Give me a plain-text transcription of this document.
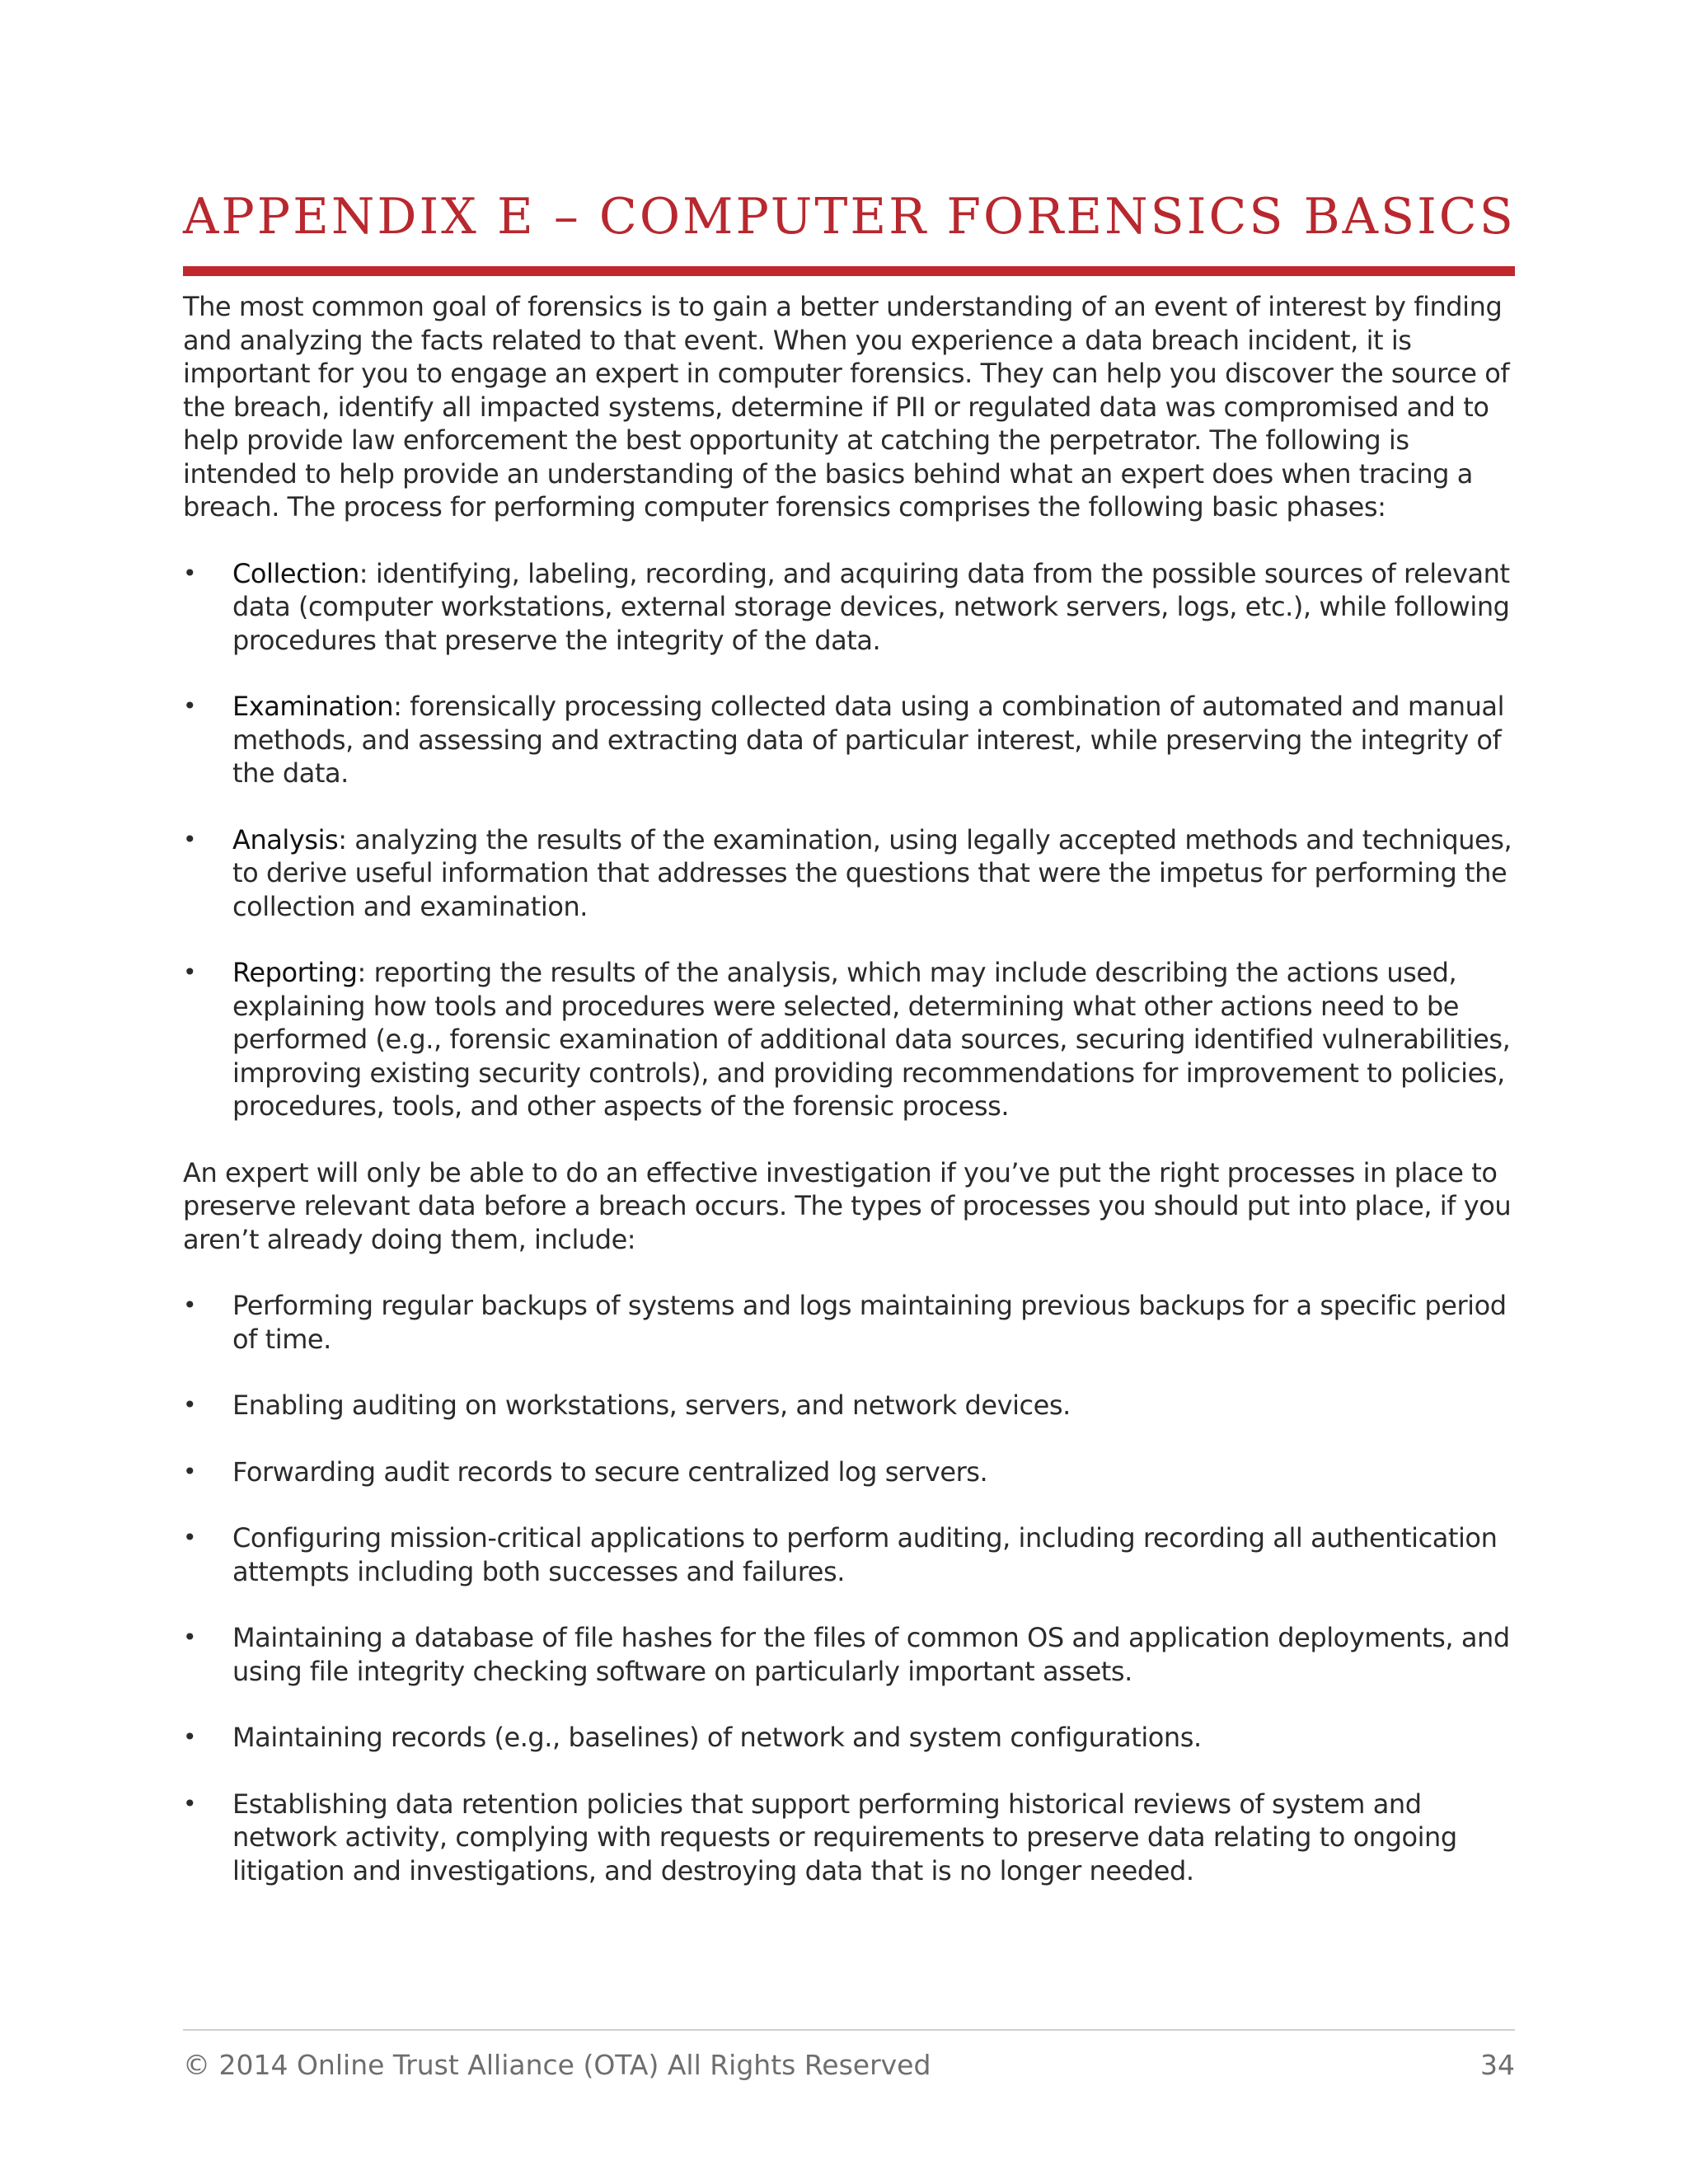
APPENDIX E – COMPUTER FORENSICS BASICS

The most common goal of forensics is to gain a better understanding of an event of interest by finding and analyzing the facts related to that event. When you experience a data breach incident, it is important for you to engage an expert in computer forensics. They can help you discover the source of the breach, identify all impacted systems, determine if PII or regulated data was compromised and to help provide law enforcement the best opportunity at catching the perpetrator. The following is intended to help provide an understanding of the basics behind what an expert does when tracing a breach. The process for performing computer forensics comprises the following basic phases:

• Collection: identifying, labeling, recording, and acquiring data from the possible sources of relevant data (computer workstations, external storage devices, network servers, logs, etc.), while following procedures that preserve the integrity of the data.
• Examination: forensically processing collected data using a combination of automated and manual methods, and assessing and extracting data of particular interest, while preserving the integrity of the data.
• Analysis: analyzing the results of the examination, using legally accepted methods and techniques, to derive useful information that addresses the questions that were the impetus for performing the collection and examination.
• Reporting: reporting the results of the analysis, which may include describing the actions used, explaining how tools and procedures were selected, determining what other actions need to be performed (e.g., forensic examination of additional data sources, securing identified vulnerabilities, improving existing security controls), and providing recommendations for improvement to policies, procedures, tools, and other aspects of the forensic process.

An expert will only be able to do an effective investigation if you’ve put the right processes in place to preserve relevant data before a breach occurs. The types of processes you should put into place, if you aren’t already doing them, include:

• Performing regular backups of systems and logs maintaining previous backups for a specific period of time.
• Enabling auditing on workstations, servers, and network devices.
• Forwarding audit records to secure centralized log servers.
• Configuring mission-critical applications to perform auditing, including recording all authentication attempts including both successes and failures.
• Maintaining a database of file hashes for the files of common OS and application deployments, and using file integrity checking software on particularly important assets.
• Maintaining records (e.g., baselines) of network and system configurations.
• Establishing data retention policies that support performing historical reviews of system and network activity, complying with requests or requirements to preserve data relating to ongoing litigation and investigations, and destroying data that is no longer needed.
© 2014 Online Trust Alliance (OTA) All Rights Reserved	34
